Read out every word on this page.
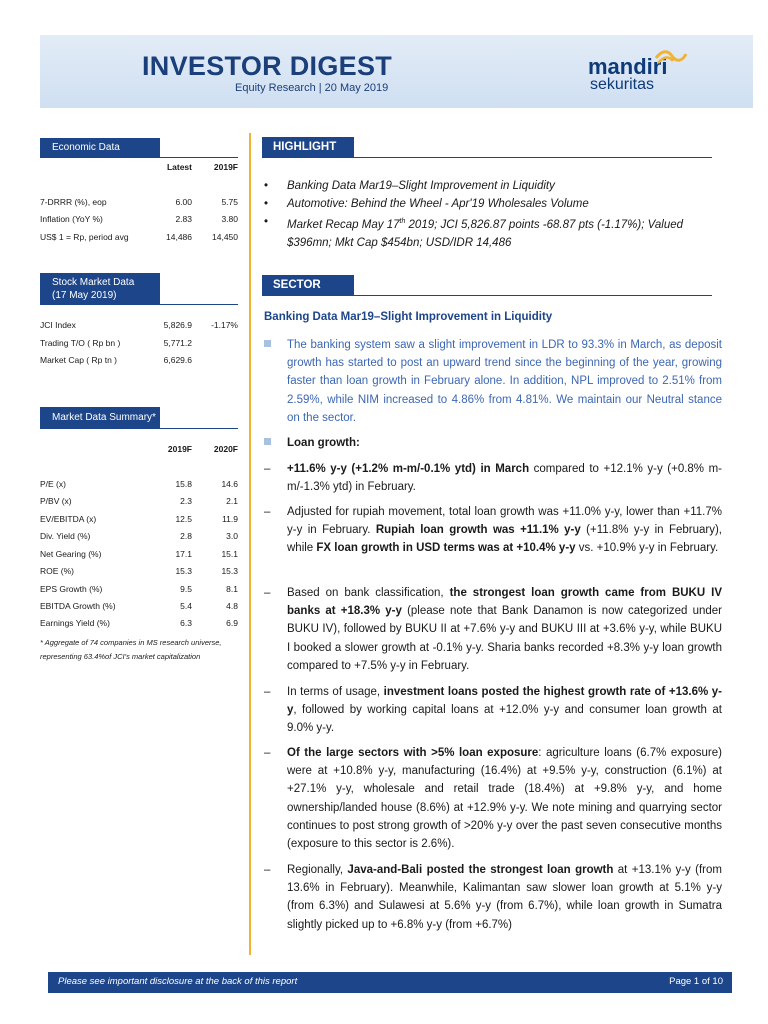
INVESTOR DIGEST
Equity Research | 20 May 2019
mandiri
sekuritas
Economic Data
Latest	2019F
7-DRRR (%), eop	6.00	5.75
Inflation (YoY %)	2.83	3.80
US$ 1 = Rp, period avg	14,486 14,450
Stock Market Data
(17 May 2019)
JCI Index	5,826.9 -1.17%
Trading T/O ( Rp bn )	5,771.2
Market Cap ( Rp tn )	6,629.6
Market Data Summary*
2019F	2020F
P/E (x)	15.8	14.6
P/BV (x)	2.3	2.1
EV/EBITDA (x)	12.5	11.9
Div. Yield (%)	2.8	3.0
Net Gearing (%)	17.1	15.1
ROE (%)	15.3	15.3
EPS Growth (%)	9.5	8.1
EBITDA Growth (%)	5.4	4.8
Earnings Yield (%)	6.3	6.9
* Aggregate of 74 companies in MS research universe,
representing 63.4%of JCI's market capitalization
HIGHLIGHT
• Banking Data Mar19–Slight Improvement in Liquidity
• Automotive: Behind the Wheel - Apr'19 Wholesales Volume
• Market Recap May 17th 2019; JCI 5,826.87 points -68.87 pts (-1.17%); Valued $396mn; Mkt Cap $454bn; USD/IDR 14,486
SECTOR
Banking Data Mar19–Slight Improvement in Liquidity
The banking system saw a slight improvement in LDR to 93.3% in March, as deposit growth has started to post an upward trend since the beginning of the year, growing faster than loan growth in February alone. In addition, NPL improved to 2.51% from 2.59%, while NIM increased to 4.86% from 4.81%. We maintain our Neutral stance on the sector.
Loan growth:
– +11.6% y-y (+1.2% m-m/-0.1% ytd) in March compared to +12.1% y-y (+0.8% m-m/-1.3% ytd) in February.
– Adjusted for rupiah movement, total loan growth was +11.0% y-y, lower than +11.7% y-y in February. Rupiah loan growth was +11.1% y-y (+11.8% y-y in February), while FX loan growth in USD terms was at +10.4% y-y vs. +10.9% y-y in February.
– Based on bank classification, the strongest loan growth came from BUKU IV banks at +18.3% y-y (please note that Bank Danamon is now categorized under BUKU IV), followed by BUKU II at +7.6% y-y and BUKU III at +3.6% y-y, while BUKU I booked a slower growth at -0.1% y-y. Sharia banks recorded +8.3% y-y loan growth compared to +7.5% y-y in February.
– In terms of usage, investment loans posted the highest growth rate of +13.6% y-y, followed by working capital loans at +12.0% y-y and consumer loan growth at 9.0% y-y.
– Of the large sectors with >5% loan exposure: agriculture loans (6.7% exposure) were at +10.8% y-y, manufacturing (16.4%) at +9.5% y-y, construction (6.1%) at +27.1% y-y, wholesale and retail trade (18.4%) at +9.8% y-y, and home ownership/landed house (8.6%) at +12.9% y-y. We note mining and quarrying sector continues to post strong growth of >20% y-y over the past seven consecutive months (exposure to this sector is 2.6%).
– Regionally, Java-and-Bali posted the strongest loan growth at +13.1% y-y (from 13.6% in February). Meanwhile, Kalimantan saw slower loan growth at 5.1% y-y (from 6.3%) and Sulawesi at 5.6% y-y (from 6.7%), while loan growth in Sumatra slightly picked up to +6.8% y-y (from +6.7%)
Please see important disclosure at the back of this report	Page 1 of 10
